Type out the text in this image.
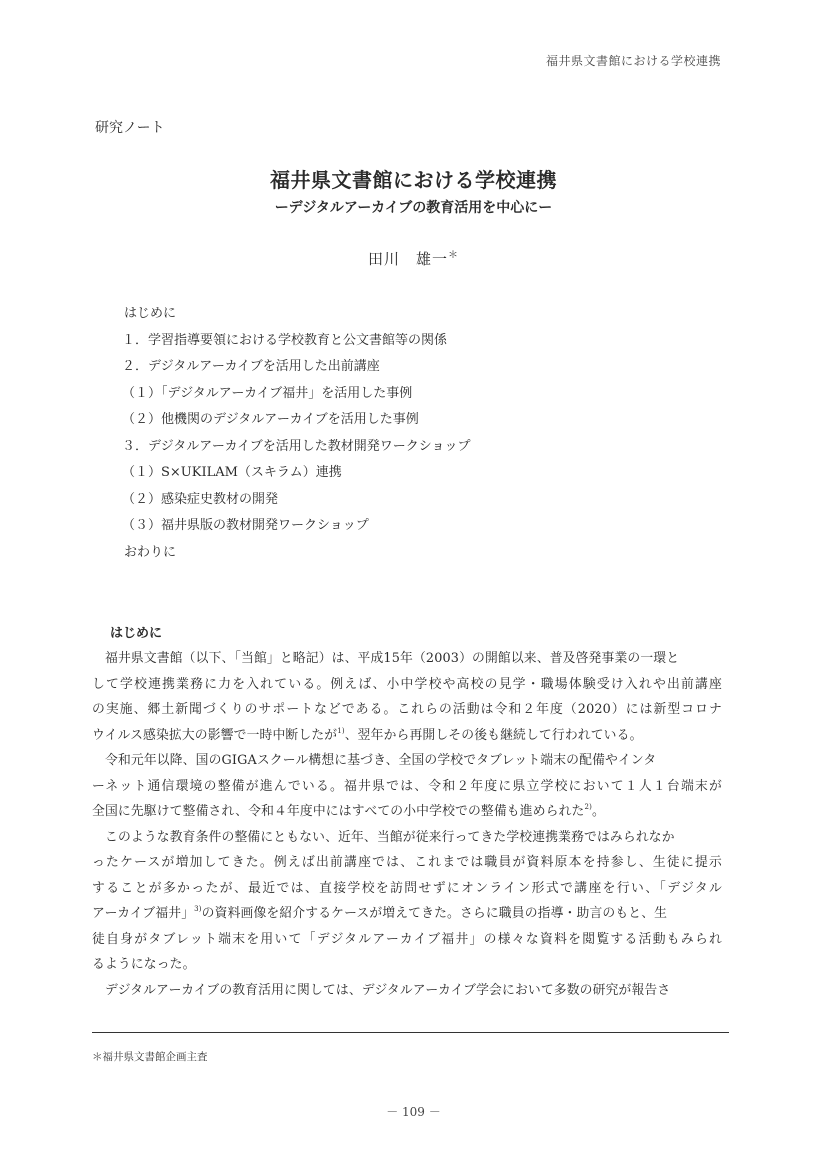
福井県文書館における学校連携
研究ノート
福井県文書館における学校連携
ーデジタルアーカイブの教育活用を中心にー
田川　雄一＊
はじめに
１．学習指導要領における学校教育と公文書館等の関係
２．デジタルアーカイブを活用した出前講座
（１）「デジタルアーカイブ福井」を活用した事例
（２）他機関のデジタルアーカイブを活用した事例
３．デジタルアーカイブを活用した教材開発ワークショップ
（１）S×UKILAM（スキラム）連携
（２）感染症史教材の開発
（３）福井県版の教材開発ワークショップ
おわりに
はじめに
福井県文書館（以下、「当館」と略記）は、平成15年（2003）の開館以来、普及啓発事業の一環と
して学校連携業務に力を入れている。例えば、小中学校や高校の見学・職場体験受け入れや出前講座
の実施、郷土新聞づくりのサポートなどである。これらの活動は令和２年度（2020）には新型コロナ
ウイルス感染拡大の影響で一時中断したが$^{1)}$、翌年から再開しその後も継続して行われている。
令和元年以降、国のGIGAスクール構想に基づき、全国の学校でタブレット端末の配備やインタ
ーネット通信環境の整備が進んでいる。福井県では、令和２年度に県立学校において１人１台端末が
全国に先駆けて整備され、令和４年度中にはすべての小中学校での整備も進められた$^{2)}$。
このような教育条件の整備にともない、近年、当館が従来行ってきた学校連携業務ではみられなか
ったケースが増加してきた。例えば出前講座では、これまでは職員が資料原本を持参し、生徒に提示
することが多かったが、最近では、直接学校を訪問せずにオンライン形式で講座を行い、「デジタル
アーカイブ福井」$^{3)}$の資料画像を紹介するケースが増えてきた。さらに職員の指導・助言のもと、生
徒自身がタブレット端末を用いて「デジタルアーカイブ福井」の様々な資料を閲覧する活動もみられ
るようになった。
デジタルアーカイブの教育活用に関しては、デジタルアーカイブ学会において多数の研究が報告さ
＊福井県文書館企画主査
－ 109 －
